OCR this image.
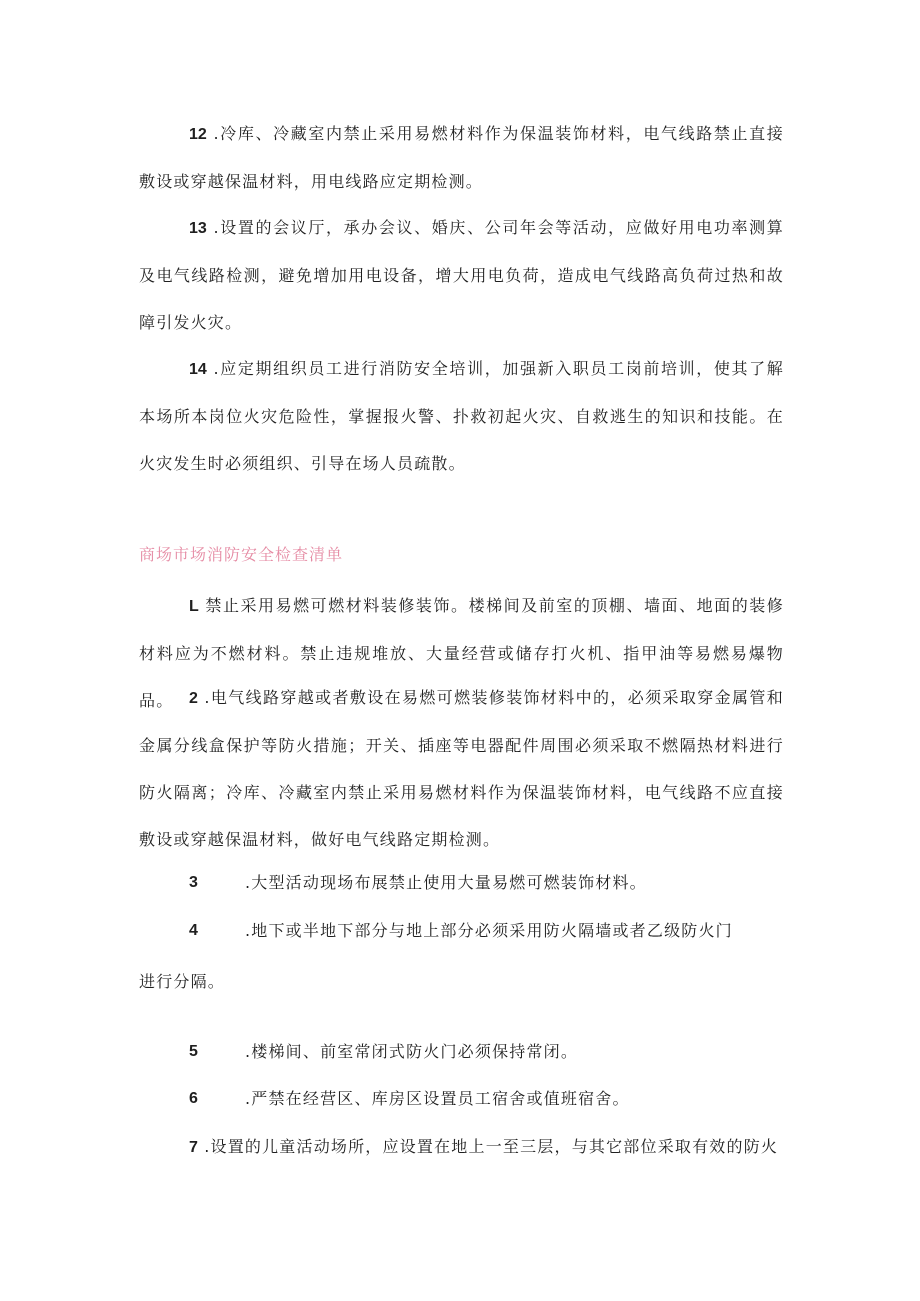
12 .冷库、冷藏室内禁止采用易燃材料作为保温装饰材料，电气线路禁止直接敷设或穿越保温材料，用电线路应定期检测。

13 .设置的会议厅，承办会议、婚庆、公司年会等活动，应做好用电功率测算及电气线路检测，避免增加用电设备，增大用电负荷，造成电气线路高负荷过热和故障引发火灾。

14 .应定期组织员工进行消防安全培训，加强新入职员工岗前培训，使其了解本场所本岗位火灾危险性，掌握报火警、扑救初起火灾、自救逃生的知识和技能。在火灾发生时必须组织、引导在场人员疏散。

商场市场消防安全检查清单

L 禁止采用易燃可燃材料装修装饰。楼梯间及前室的顶棚、墙面、地面的装修材料应为不燃材料。禁止违规堆放、大量经营或储存打火机、指甲油等易燃易爆物品。 2 .电气线路穿越或者敷设在易燃可燃装修装饰材料中的，必须采取穿金属管和金属分线盒保护等防火措施；开关、插座等电器配件周围必须采取不燃隔热材料进行防火隔离；冷库、冷藏室内禁止采用易燃材料作为保温装饰材料，电气线路不应直接敷设或穿越保温材料，做好电气线路定期检测。

3	.大型活动现场布展禁止使用大量易燃可燃装饰材料。
4	.地下或半地下部分与地上部分必须采用防火隔墙或者乙级防火门
进行分隔。
5	.楼梯间、前室常闭式防火门必须保持常闭。
6	.严禁在经营区、库房区设置员工宿舍或值班宿舍。

7 .设置的儿童活动场所，应设置在地上一至三层，与其它部位采取有效的防火
